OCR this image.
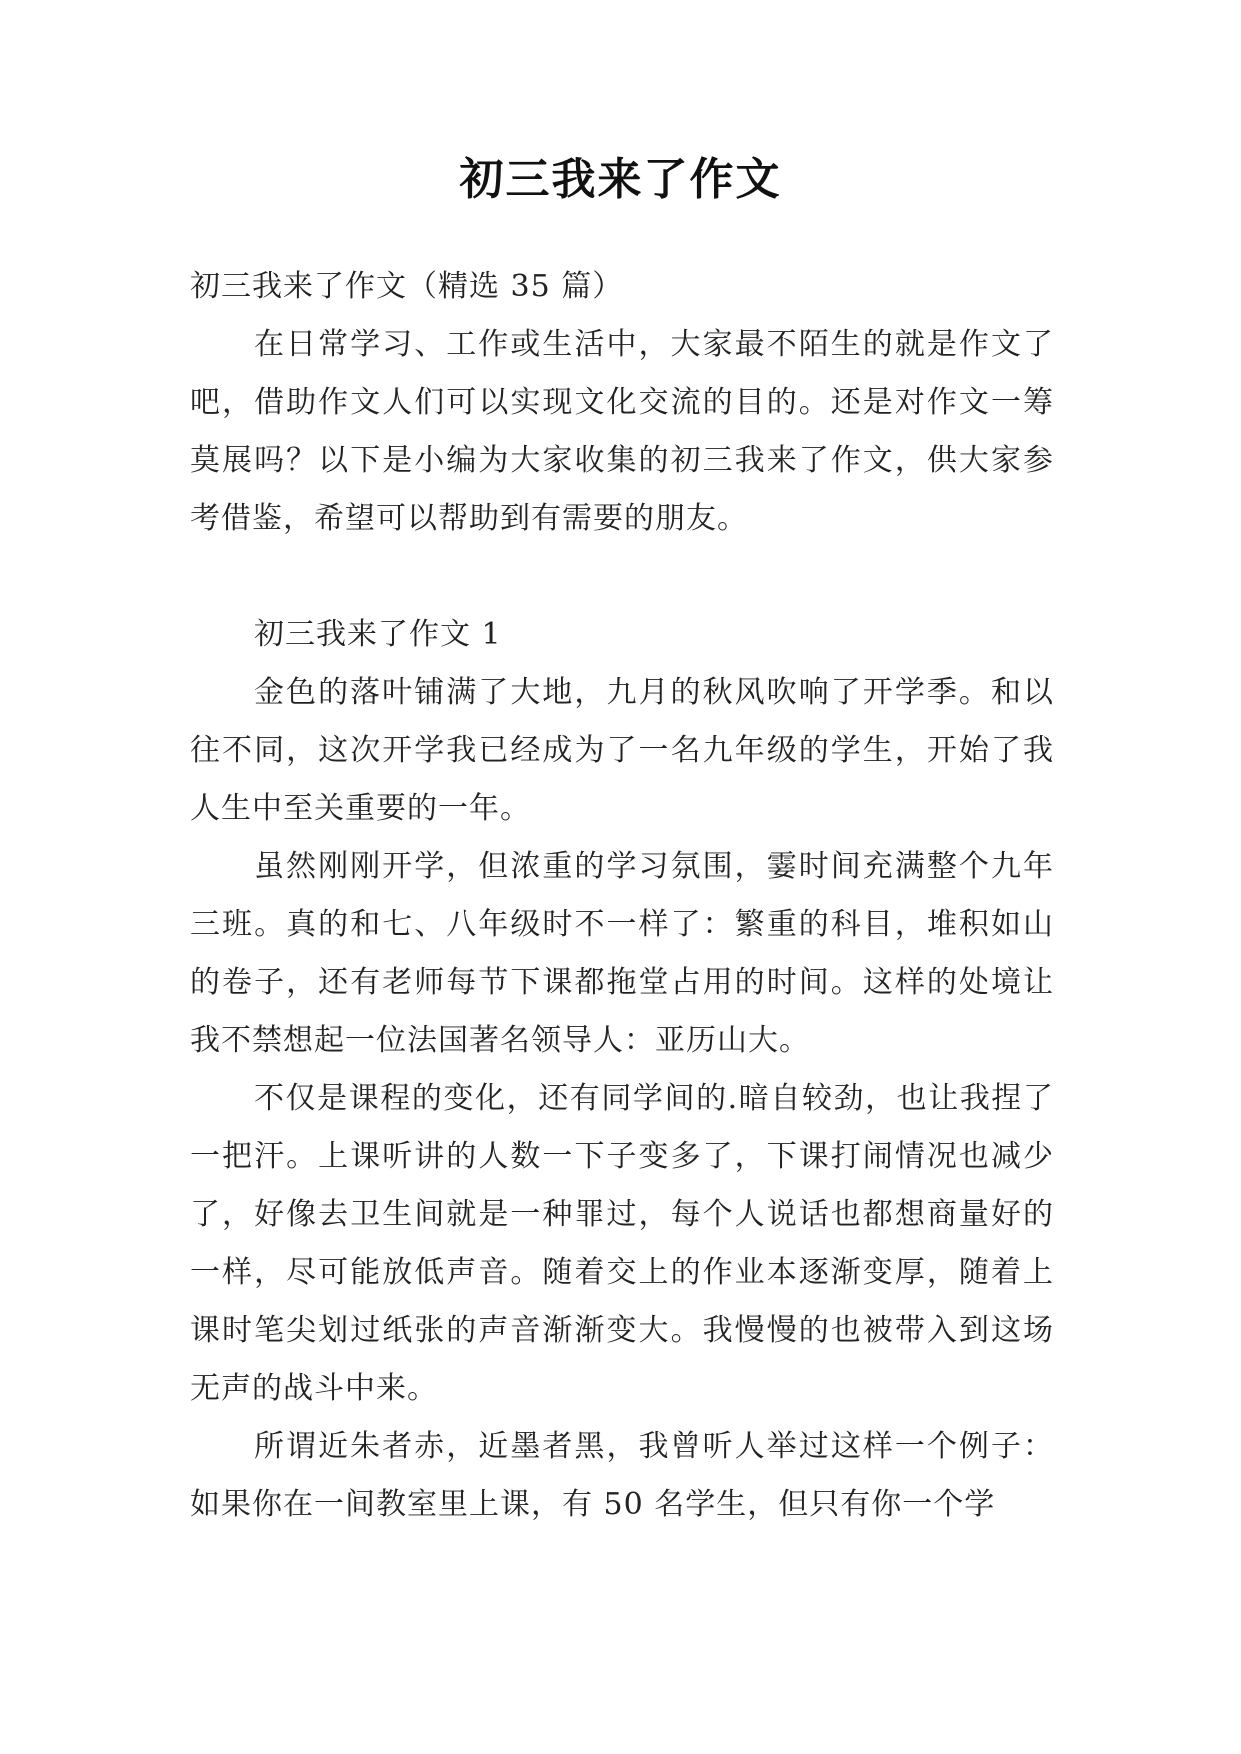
初三我来了作文

初三我来了作文（精选 35 篇）

在日常学习、工作或生活中，大家最不陌生的就是作文了吧，借助作文人们可以实现文化交流的目的。还是对作文一筹莫展吗？以下是小编为大家收集的初三我来了作文，供大家参考借鉴，希望可以帮助到有需要的朋友。

初三我来了作文 1

金色的落叶铺满了大地，九月的秋风吹响了开学季。和以往不同，这次开学我已经成为了一名九年级的学生，开始了我人生中至关重要的一年。

虽然刚刚开学，但浓重的学习氛围，霎时间充满整个九年三班。真的和七、八年级时不一样了：繁重的科目，堆积如山的卷子，还有老师每节下课都拖堂占用的时间。这样的处境让我不禁想起一位法国著名领导人：亚历山大。

不仅是课程的变化，还有同学间的.暗自较劲，也让我捏了一把汗。上课听讲的人数一下子变多了，下课打闹情况也减少了，好像去卫生间就是一种罪过，每个人说话也都想商量好的一样，尽可能放低声音。随着交上的作业本逐渐变厚，随着上课时笔尖划过纸张的声音渐渐变大。我慢慢的也被带入到这场无声的战斗中来。

所谓近朱者赤，近墨者黑，我曾听人举过这样一个例子：如果你在一间教室里上课，有 50 名学生，但只有你一个学
